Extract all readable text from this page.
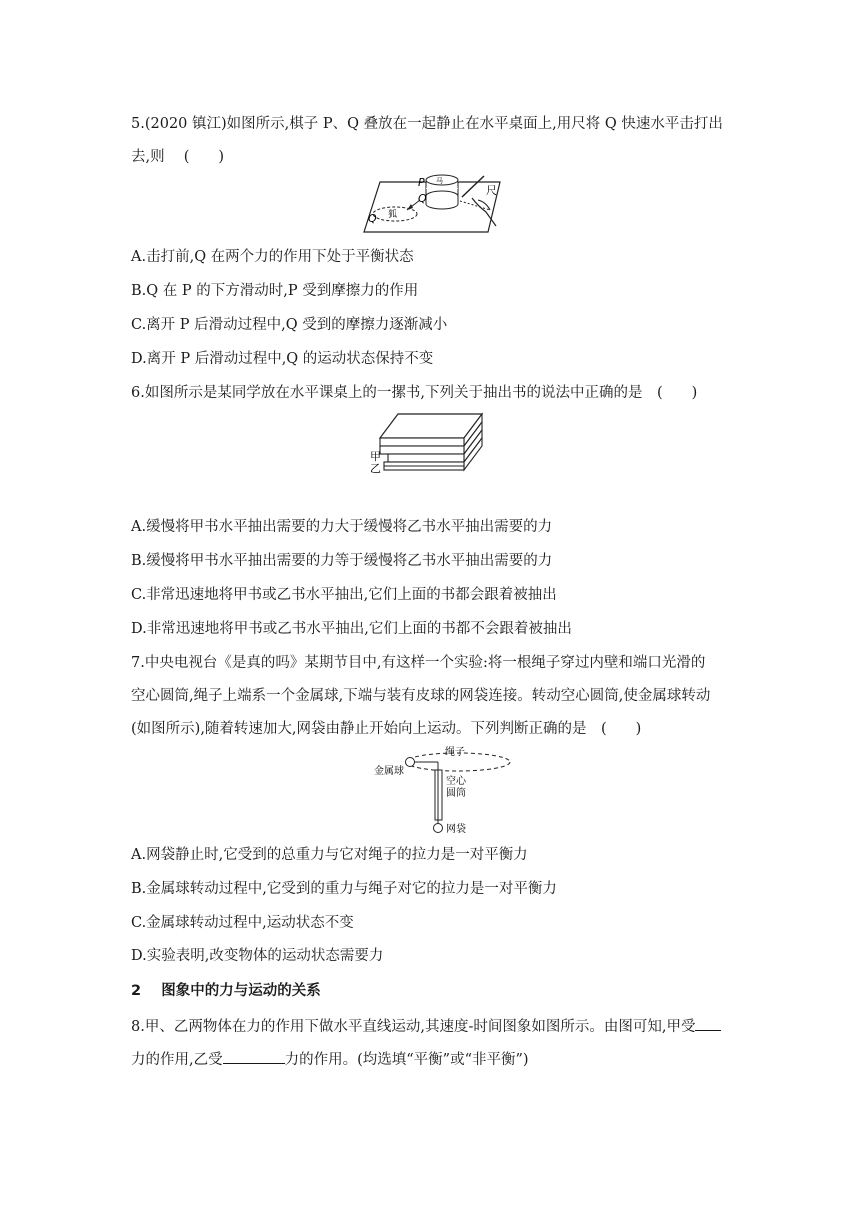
5.(2020 镇江)如图所示,棋子 P、Q 叠放在一起静止在水平桌面上,用尺将 Q 快速水平击打出
去,则　 (　　)
狐
Q
马
P
Q
尺
A.击打前,Q 在两个力的作用下处于平衡状态
B.Q 在 P 的下方滑动时,P 受到摩擦力的作用
C.离开 P 后滑动过程中,Q 受到的摩擦力逐渐减小
D.离开 P 后滑动过程中,Q 的运动状态保持不变
6.如图所示是某同学放在水平课桌上的一摞书,下列关于抽出书的说法中正确的是　(　　)
甲
乙
A.缓慢将甲书水平抽出需要的力大于缓慢将乙书水平抽出需要的力
B.缓慢将甲书水平抽出需要的力等于缓慢将乙书水平抽出需要的力
C.非常迅速地将甲书或乙书水平抽出,它们上面的书都会跟着被抽出
D.非常迅速地将甲书或乙书水平抽出,它们上面的书都不会跟着被抽出
7.中央电视台《是真的吗》某期节目中,有这样一个实验:将一根绳子穿过内壁和端口光滑的
空心圆筒,绳子上端系一个金属球,下端与装有皮球的网袋连接。转动空心圆筒,使金属球转动
(如图所示),随着转速加大,网袋由静止开始向上运动。下列判断正确的是　(　　)
绳子
金属球
空心
圆筒
网袋
A.网袋静止时,它受到的总重力与它对绳子的拉力是一对平衡力
B.金属球转动过程中,它受到的重力与绳子对它的拉力是一对平衡力
C.金属球转动过程中,运动状态不变
D.实验表明,改变物体的运动状态需要力
2 图象中的力与运动的关系
8.甲、乙两物体在力的作用下做水平直线运动,其速度-时间图象如图所示。由图可知,甲受
力的作用,乙受	力的作用。(均选填“平衡”或“非平衡”)
